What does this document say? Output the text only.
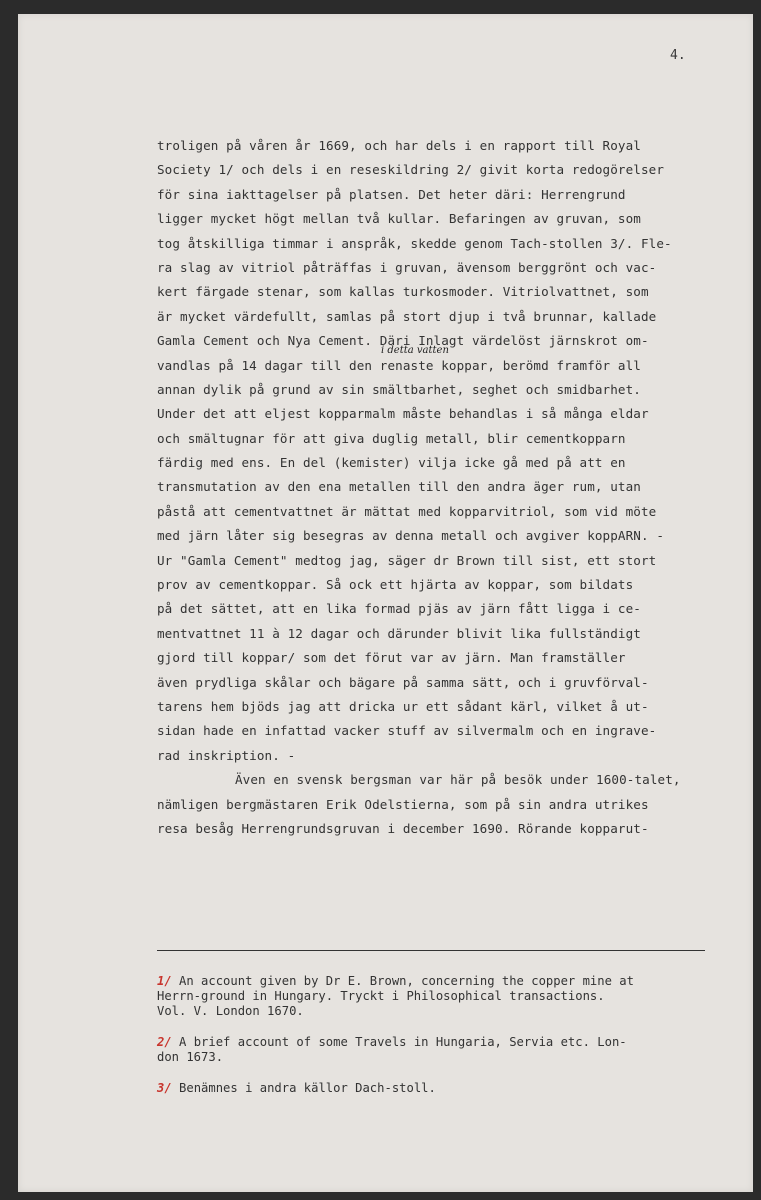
4.
troligen på våren år 1669, och har dels i en rapport till Royal
Society 1/ och dels i en reseskildring 2/ givit korta redogörelser
för sina iakttagelser på platsen. Det heter däri: Herrengrund
ligger mycket högt mellan två kullar. Befaringen av gruvan, som
tog åtskilliga timmar i anspråk, skedde genom Tach-stollen 3/. Fle-
ra slag av vitriol påträffas i gruvan, ävensom berggrönt och vac-
kert färgade stenar, som kallas turkosmoder. Vitriolvattnet, som
är mycket värdefullt, samlas på stort djup i två brunnar, kallade
Gamla Cement och Nya Cement. Däri Inlagt värdelöst järnskrot om-
vandlas på 14 dagar till den renaste koppar, berömd framför all
annan dylik på grund av sin smältbarhet, seghet och smidbarhet.
Under det att eljest kopparmalm måste behandlas i så många eldar
och smältugnar för att giva duglig metall, blir cementkopparn
färdig med ens. En del (kemister) vilja icke gå med på att en
transmutation av den ena metallen till den andra äger rum, utan
påstå att cementvattnet är mättat med kopparvitriol, som vid möte
med järn låter sig besegras av denna metall och avgiver koppARN. -
Ur "Gamla Cement" medtog jag, säger dr Brown till sist, ett stort
prov av cementkoppar. Så ock ett hjärta av koppar, som bildats
på det sättet, att en lika formad pjäs av järn fått ligga i ce-
mentvattnet 11 à 12 dagar och därunder blivit lika fullständigt
gjord till koppar/ som det förut var av järn. Man framställer
även prydliga skålar och bägare på samma sätt, och i gruvförval-
tarens hem bjöds jag att dricka ur ett sådant kärl, vilket å ut-
sidan hade en infattad vacker stuff av silvermalm och en ingrave-
rad inskription. -
Även en svensk bergsman var här på besök under 1600-talet,
nämligen bergmästaren Erik Odelstierna, som på sin andra utrikes
resa besåg Herrengrundsgruvan i december 1690. Rörande kopparut-
i detta vatten
1/ An account given by Dr E. Brown, concerning the copper mine at
Herrn-ground in Hungary. Tryckt i Philosophical transactions.
Vol. V. London 1670.
2/ A brief account of some Travels in Hungaria, Servia etc. Lon-
don 1673.
3/ Benämnes i andra källor Dach-stoll.
